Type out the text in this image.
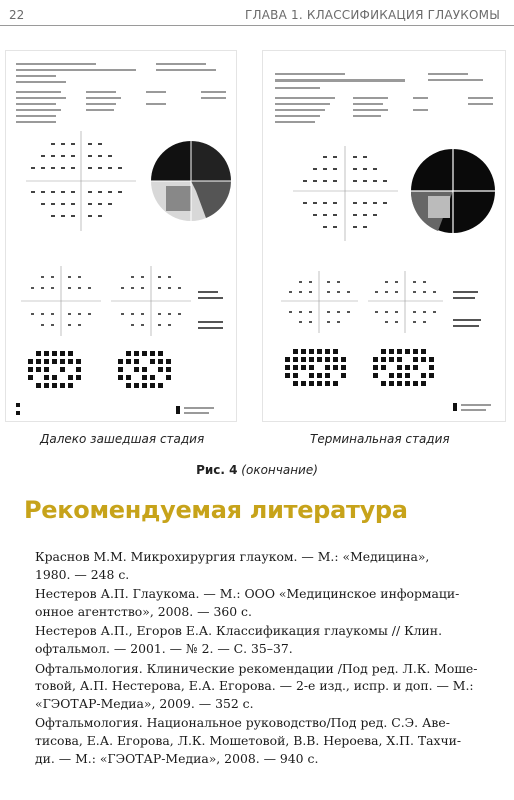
22	ГЛАВА 1. КЛАССИФИКАЦИЯ ГЛАУКОМЫ
Далеко зашедшая стадия	Терминальная стадия
Рис. 4 (окончание)
Рекомендуемая литература

Краснов М.М. Микрохирургия глауком. — М.: «Медицина»,

1980. — 248 с.

Нестеров А.П. Глаукома. — М.: ООО «Медицинское информаци-

онное агентство», 2008. — 360 с.

Нестеров А.П., Егоров Е.А. Классификация глаукомы // Клин.

офтальмол. — 2001. — № 2. — С. 35–37.

Офтальмология. Клинические рекомендации /Под ред. Л.К. Моше-

товой, А.П. Нестерова, Е.А. Егорова. — 2-е изд., испр. и доп. — М.:

«ГЭОТАР-Медиа», 2009. — 352 с.

Офтальмология. Национальное руководство/Под ред. С.Э. Аве-

тисова, Е.А. Егорова, Л.К. Мошетовой, В.В. Нероева, Х.П. Тахчи-

ди. — М.: «ГЭОТАР-Медиа», 2008. — 940 с.
